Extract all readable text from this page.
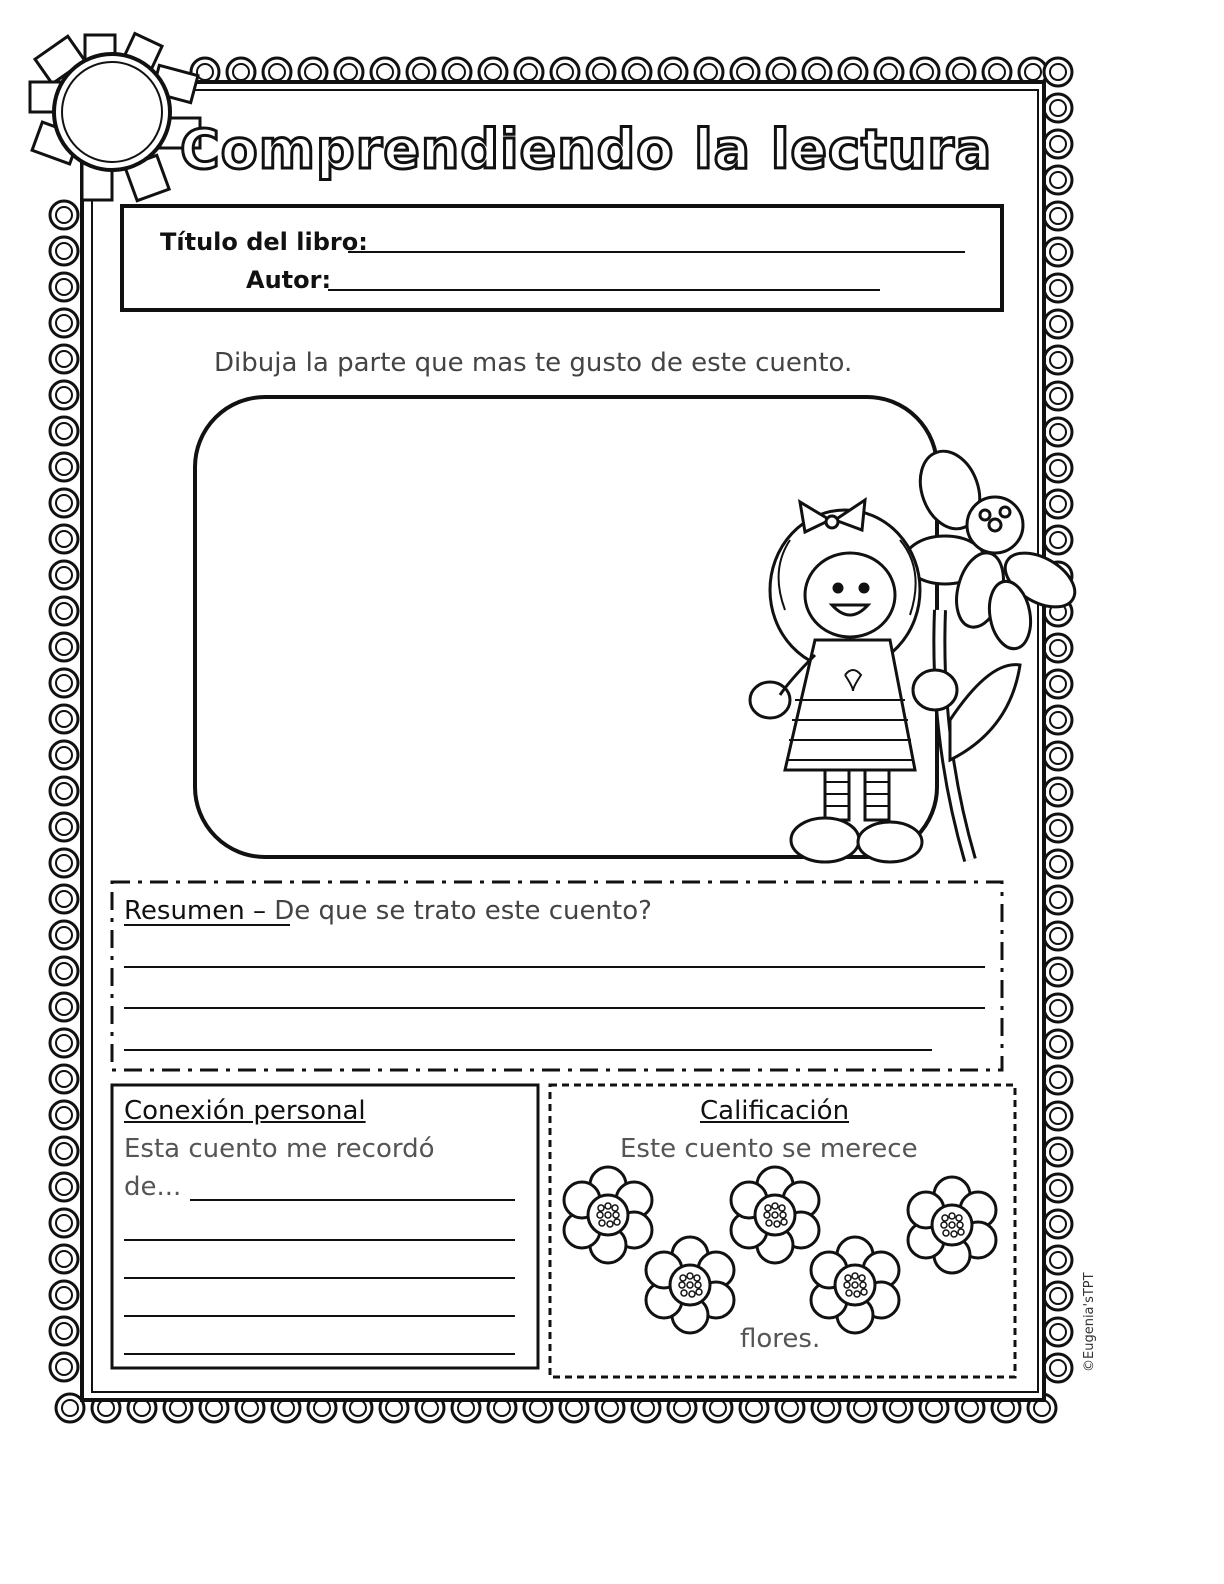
Comprendiendo la lectura
Título del libro:
Autor:
Dibuja la parte que mas te gusto de este cuento.
Resumen – De que se trato este cuento?
Conexión personal
Esta cuento me recordó
de...
Calificación
Este cuento se merece
flores.	©Eugenia'sTPT
